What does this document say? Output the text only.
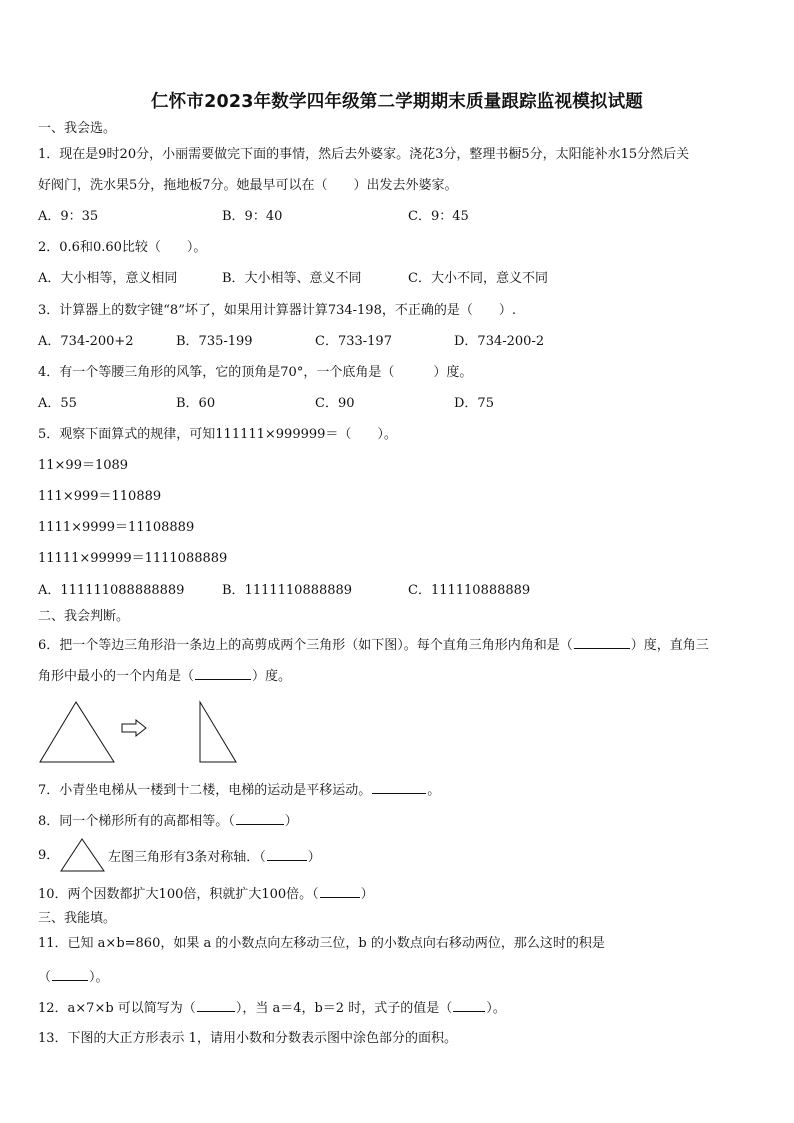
仁怀市2023年数学四年级第二学期期末质量跟踪监视模拟试题
一、我会选。
1．现在是9时20分，小丽需要做完下面的事情，然后去外婆家。浇花3分，整理书橱5分，太阳能补水15分然后关
好阀门，洗水果5分，拖地板7分。她最早可以在（　　）出发去外婆家。
A．9：35	B．9：40	C．9：45
2．0.6和0.60比较（　　）。
A．大小相等，意义相同	B．大小相等、意义不同	C．大小不同，意义不同
3．计算器上的数字键“8”坏了，如果用计算器计算734-198，不正确的是（　　）.
A．734-200+2	B．735-199	C．733-197	D．734-200-2
4．有一个等腰三角形的风筝，它的顶角是70°，一个底角是（　　　）度。
A．55	B．60	C．90	D．75
5．观察下面算式的规律，可知111111×999999＝（　　）。
11×99＝1089
111×999＝110889
1111×9999＝11108889
11111×99999＝1111088889
A．111111088888889	B．1111110888889	C．111110888889
二、我会判断。
6．把一个等边三角形沿一条边上的高剪成两个三角形（如下图）。每个直角三角形内角和是（	）度，直角三
角形中最小的一个内角是（	）度。
7．小青坐电梯从一楼到十二楼，电梯的运动是平移运动。	。
8．同一个梯形所有的高都相等。（	）
9．	左图三角形有3条对称轴．（	）
10．两个因数都扩大100倍，积就扩大100倍。（	）
三、我能填。
11．已知 a×b=860，如果 a 的小数点向左移动三位，b 的小数点向右移动两位，那么这时的积是
（	）。
12．a×7×b 可以简写为（	），当 a＝4，b＝2 时，式子的值是（	）。
13．下图的大正方形表示 1，请用小数和分数表示图中涂色部分的面积。
